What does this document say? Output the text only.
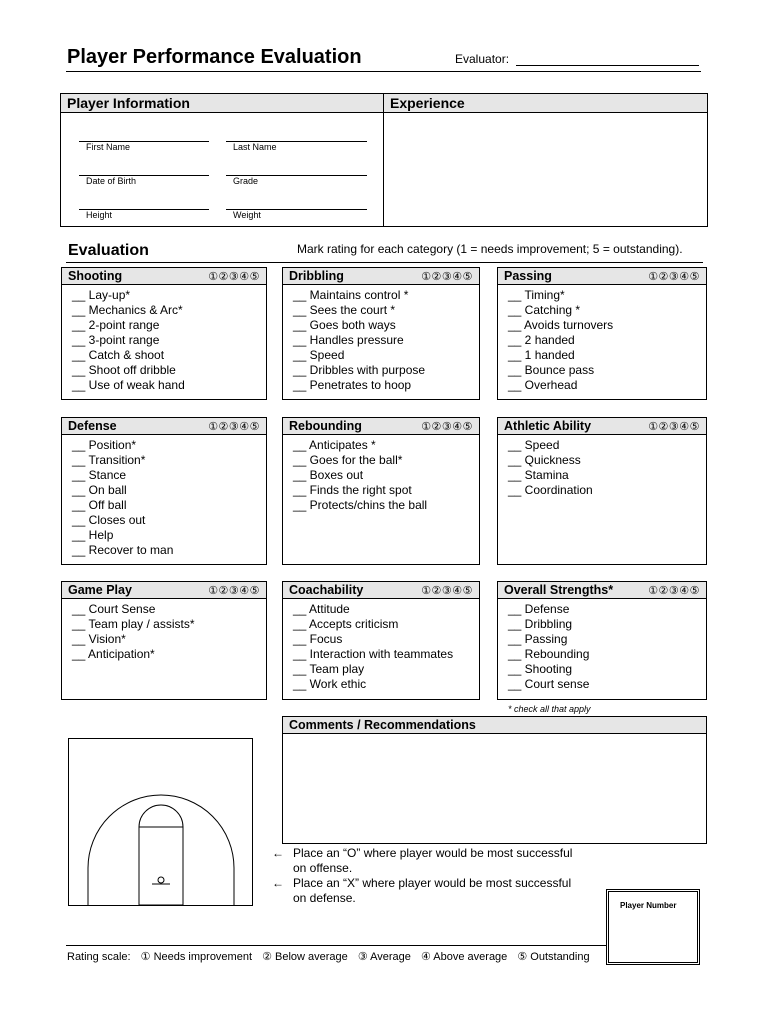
Player Performance Evaluation	Evaluator:
Player Information
First Name	Last Name
Date of Birth	Grade
Height	Weight
Experience
Evaluation	Mark rating for each category (1 = needs improvement; 5 = outstanding).
Shooting	①②③④⑤
__ Lay-up*
__ Mechanics & Arc*
__ 2-point range
__ 3-point range
__ Catch & shoot
__ Shoot off dribble
__ Use of weak hand
Dribbling	①②③④⑤
__ Maintains control *
__ Sees the court *
__ Goes both ways
__ Handles pressure
__ Speed
__ Dribbles with purpose
__ Penetrates to hoop
Passing	①②③④⑤
__ Timing*
__ Catching *
__ Avoids turnovers
__ 2 handed
__ 1 handed
__ Bounce pass
__ Overhead
Defense	①②③④⑤
__ Position*
__ Transition*
__ Stance
__ On ball
__ Off ball
__ Closes out
__ Help
__ Recover to man
Rebounding	①②③④⑤
__ Anticipates *
__ Goes for the ball*
__ Boxes out
__ Finds the right spot
__ Protects/chins the ball
Athletic Ability	①②③④⑤
__ Speed
__ Quickness
__ Stamina
__ Coordination
Game Play	①②③④⑤
__ Court Sense
__ Team play / assists*
__ Vision*
__ Anticipation*
Coachability	①②③④⑤
__ Attitude
__ Accepts criticism
__ Focus
__ Interaction with teammates
__ Team play
__ Work ethic
Overall Strengths*	①②③④⑤
__ Defense
__ Dribbling
__ Passing
__ Rebounding
__ Shooting
__ Court sense
* check all that apply
Comments / Recommendations
← Place an “O” where player would be most successful
on offense.
← Place an “X” where player would be most successful
on defense.
Player Number
Rating scale: ① Needs improvement ② Below average ③ Average ④ Above average ⑤ Outstanding
